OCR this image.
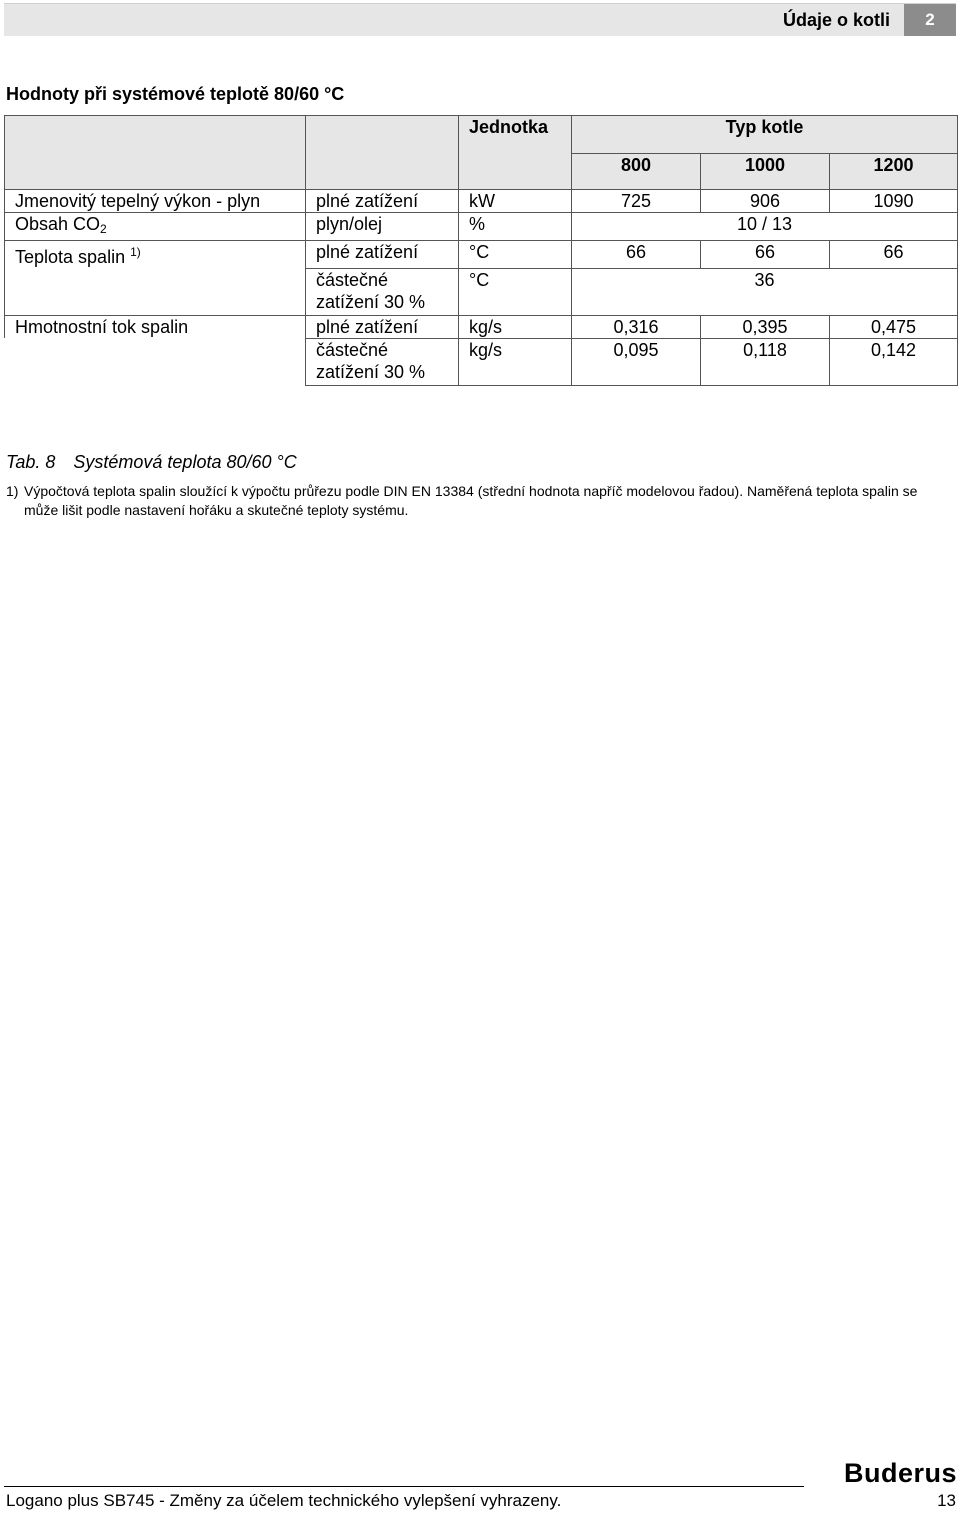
Údaje o kotli	2
Hodnoty při systémové teplotě 80/60 °C
		Jednotka	Typ kotle		
			800	1000	1200
Jmenovitý tepelný výkon - plyn	plné zatížení	kW	725	906	1090
Obsah $CO_2$	plyn/olej	%	10 / 13		
Teplota spalin $^{1)}$	plné zatížení	°C	66	66	66
	částečné zatížení 30 %	°C	36		
Hmotnostní tok spalin	plné zatížení	kg/s	0,316	0,395	0,475
	částečné zatížení 30 %	kg/s	0,095	0,118	0,142
Tab. 8 Systémová teplota 80/60 °C
1) Výpočtová teplota spalin sloužící k výpočtu průřezu podle DIN EN 13384 (střední hodnota napříč modelovou řadou). Naměřená teplota spalin se může lišit podle nastavení hořáku a skutečné teploty systému.
Buderus
Logano plus SB745 - Změny za účelem technického vylepšení vyhrazeny.	13
